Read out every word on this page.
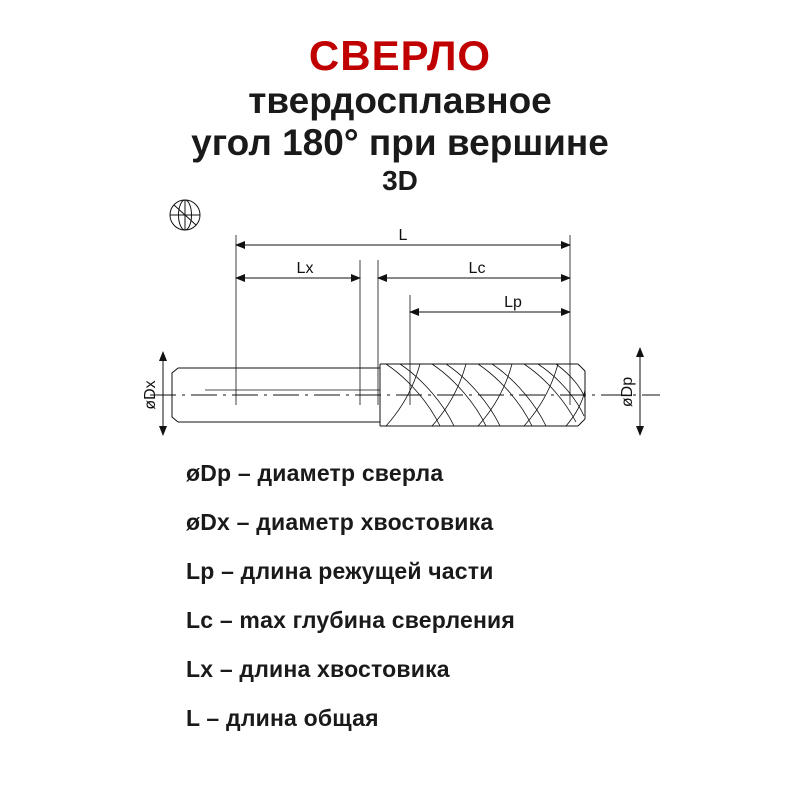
СВЕРЛО
твердосплавное
угол 180° при вершине
3D
L
Lx	Lc
Lp
øDx	øDp
øDp – диаметр сверла
øDx – диаметр хвостовика
Lp – длина режущей части
Lc – max глубина сверления
Lx – длина хвостовика
L – длина общая
